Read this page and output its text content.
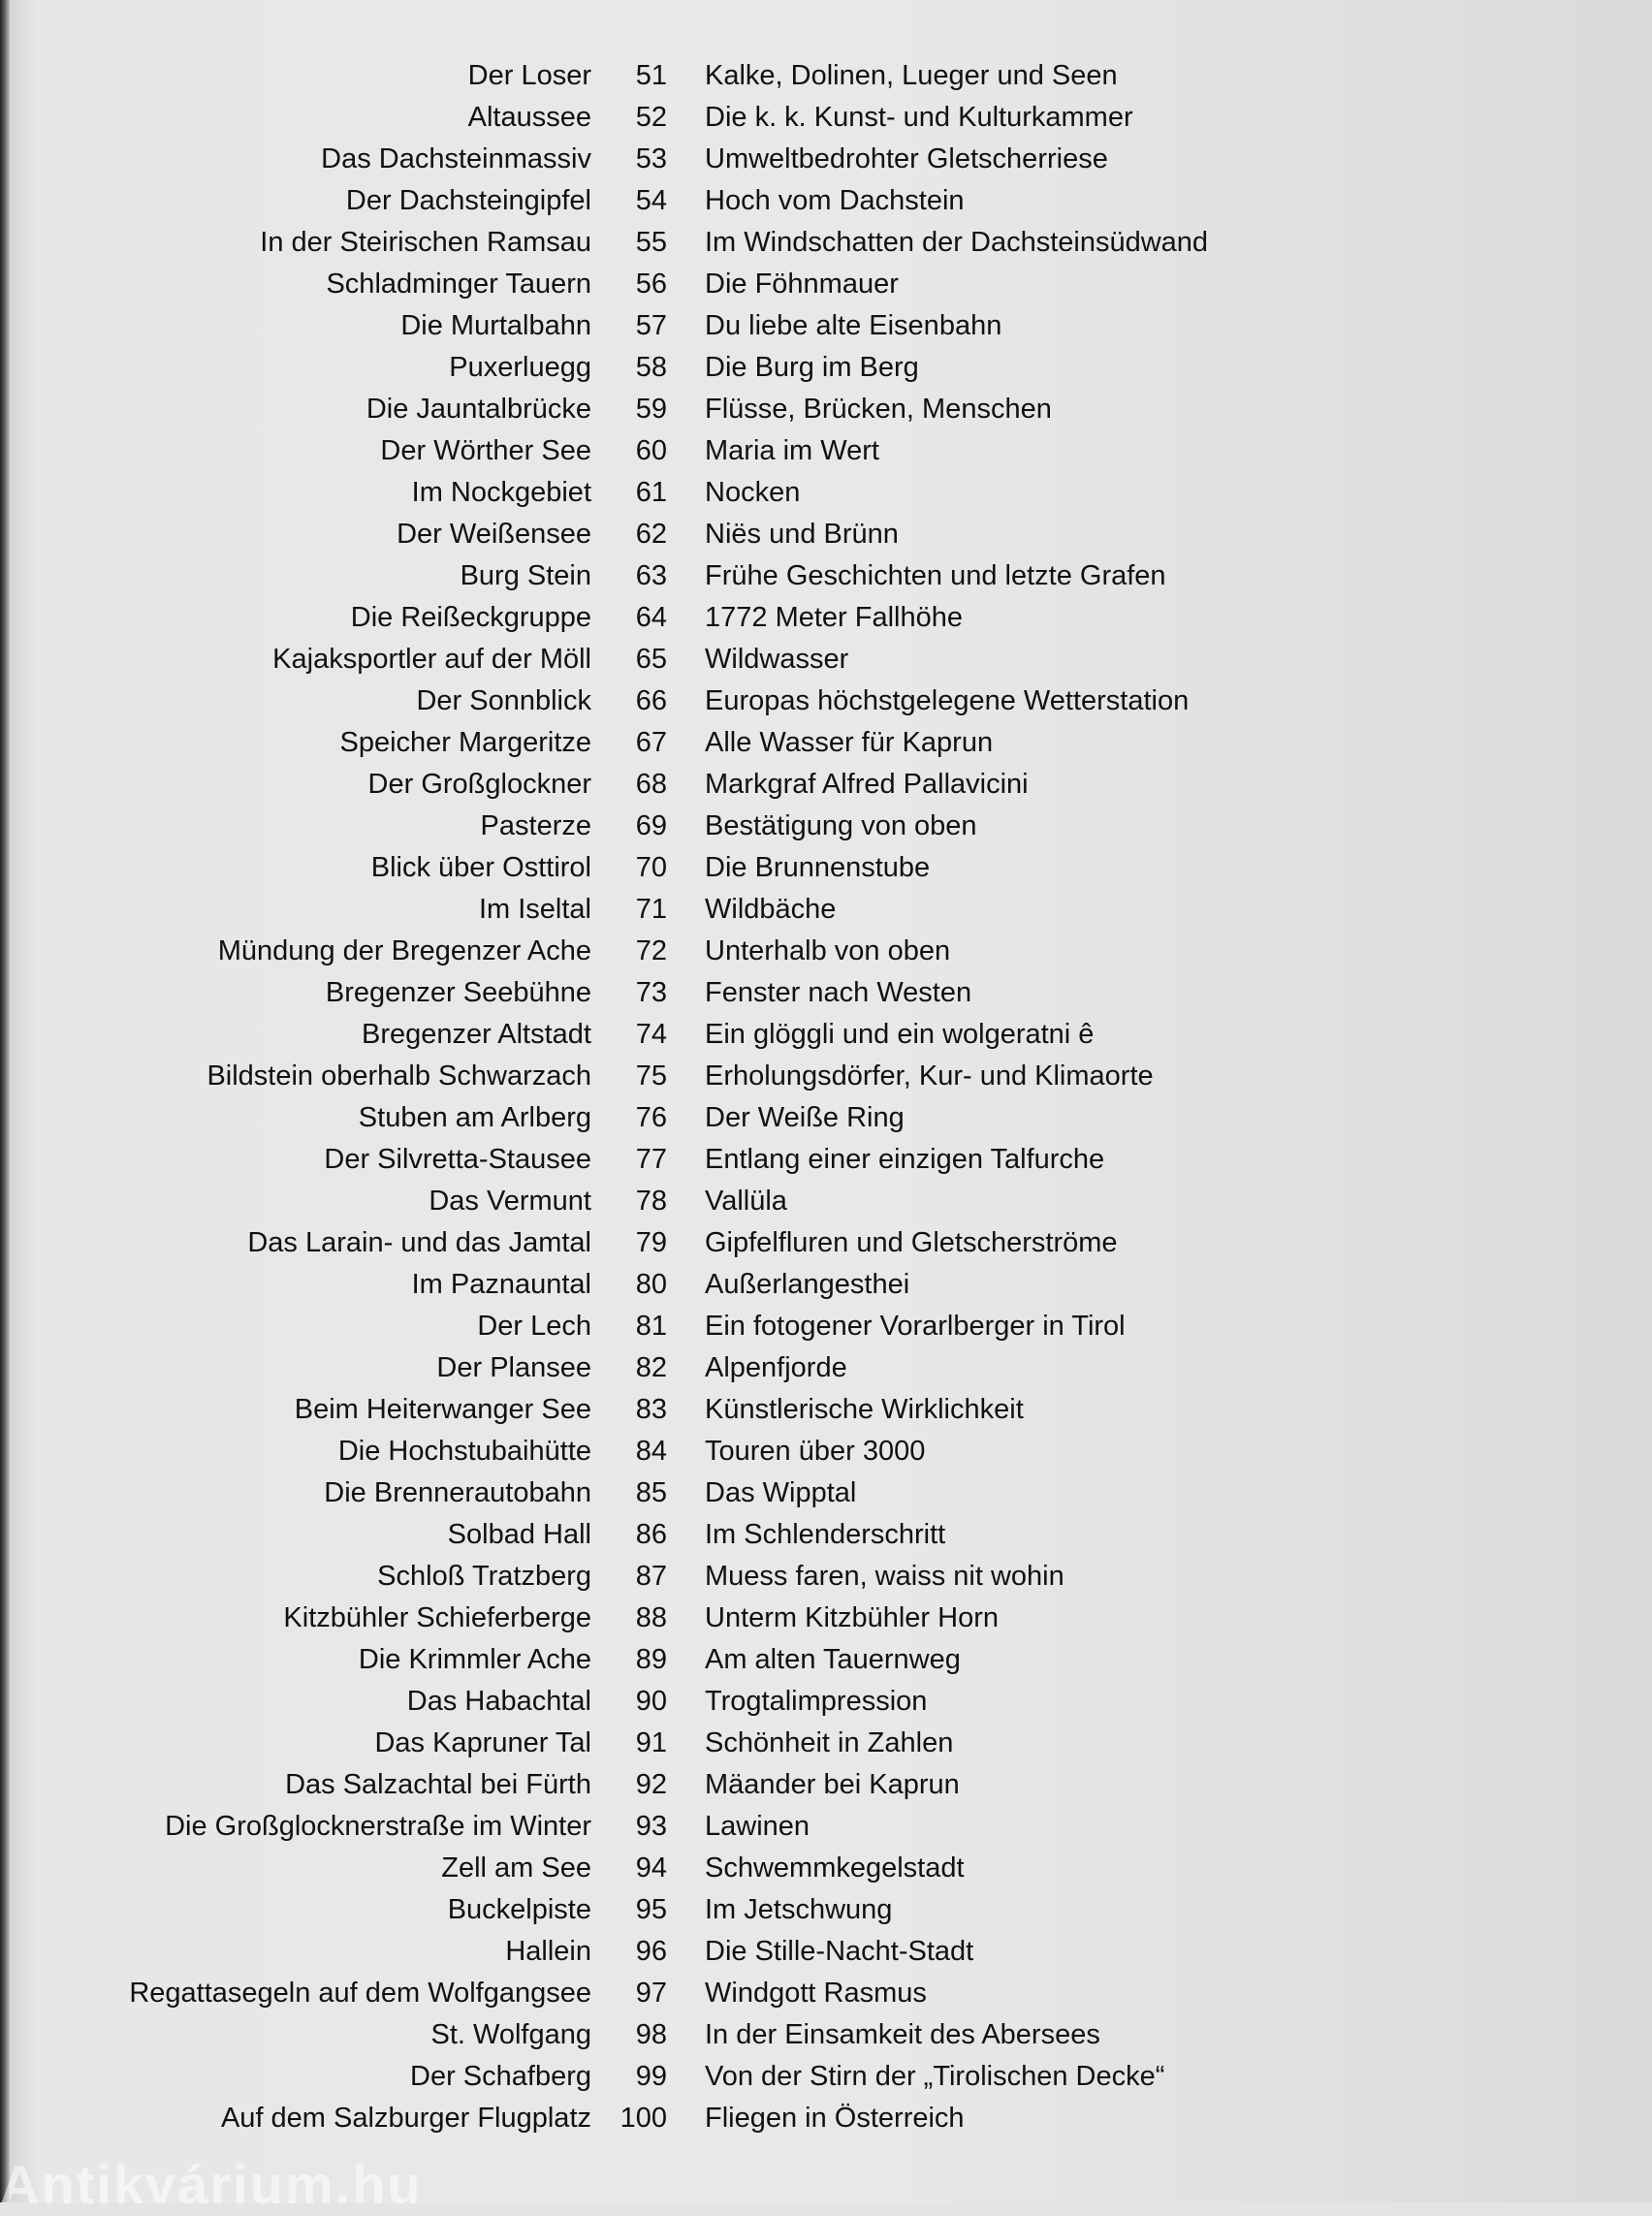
Der Loser	51 Kalke, Dolinen, Lueger und Seen
Altaussee	52 Die k. k. Kunst- und Kulturkammer
Das Dachsteinmassiv	53 Umweltbedrohter Gletscherriese
Der Dachsteingipfel	54 Hoch vom Dachstein
In der Steirischen Ramsau	55 Im Windschatten der Dachsteinsüdwand
Schladminger Tauern	56 Die Föhnmauer
Die Murtalbahn	57 Du liebe alte Eisenbahn
Puxerluegg	58 Die Burg im Berg
Die Jauntalbrücke	59 Flüsse, Brücken, Menschen
Der Wörther See	60 Maria im Wert
Im Nockgebiet	61 Nocken
Der Weißensee	62 Niës und Brünn
Burg Stein	63 Frühe Geschichten und letzte Grafen
Die Reißeckgruppe	64 1772 Meter Fallhöhe
Kajaksportler auf der Möll	65 Wildwasser
Der Sonnblick	66 Europas höchstgelegene Wetterstation
Speicher Margeritze	67 Alle Wasser für Kaprun
Der Großglockner	68 Markgraf Alfred Pallavicini
Pasterze	69 Bestätigung von oben
Blick über Osttirol	70 Die Brunnenstube
Im Iseltal	71 Wildbäche
Mündung der Bregenzer Ache	72 Unterhalb von oben
Bregenzer Seebühne	73 Fenster nach Westen
Bregenzer Altstadt	74 Ein glöggli und ein wolgeratni ê
Bildstein oberhalb Schwarzach	75 Erholungsdörfer, Kur- und Klimaorte
Stuben am Arlberg	76 Der Weiße Ring
Der Silvretta-Stausee	77 Entlang einer einzigen Talfurche
Das Vermunt	78 Vallüla
Das Larain- und das Jamtal	79 Gipfelfluren und Gletscherströme
Im Paznauntal	80 Außerlangesthei
Der Lech	81 Ein fotogener Vorarlberger in Tirol
Der Plansee	82 Alpenfjorde
Beim Heiterwanger See	83 Künstlerische Wirklichkeit
Die Hochstubaihütte	84 Touren über 3000
Die Brennerautobahn	85 Das Wipptal
Solbad Hall	86 Im Schlenderschritt
Schloß Tratzberg	87 Muess faren, waiss nit wohin
Kitzbühler Schieferberge	88 Unterm Kitzbühler Horn
Die Krimmler Ache	89 Am alten Tauernweg
Das Habachtal	90 Trogtalimpression
Das Kapruner Tal	91 Schönheit in Zahlen
Das Salzachtal bei Fürth	92 Mäander bei Kaprun
Die Großglocknerstraße im Winter	93 Lawinen
Zell am See	94 Schwemmkegelstadt
Buckelpiste	95 Im Jetschwung
Hallein	96 Die Stille-Nacht-Stadt
Regattasegeln auf dem Wolfgangsee	97 Windgott Rasmus
St. Wolfgang	98 In der Einsamkeit des Abersees
Der Schafberg	99 Von der Stirn der „Tirolischen Decke“
Auf dem Salzburger Flugplatz	100 Fliegen in Österreich
Antikvárium.hu
